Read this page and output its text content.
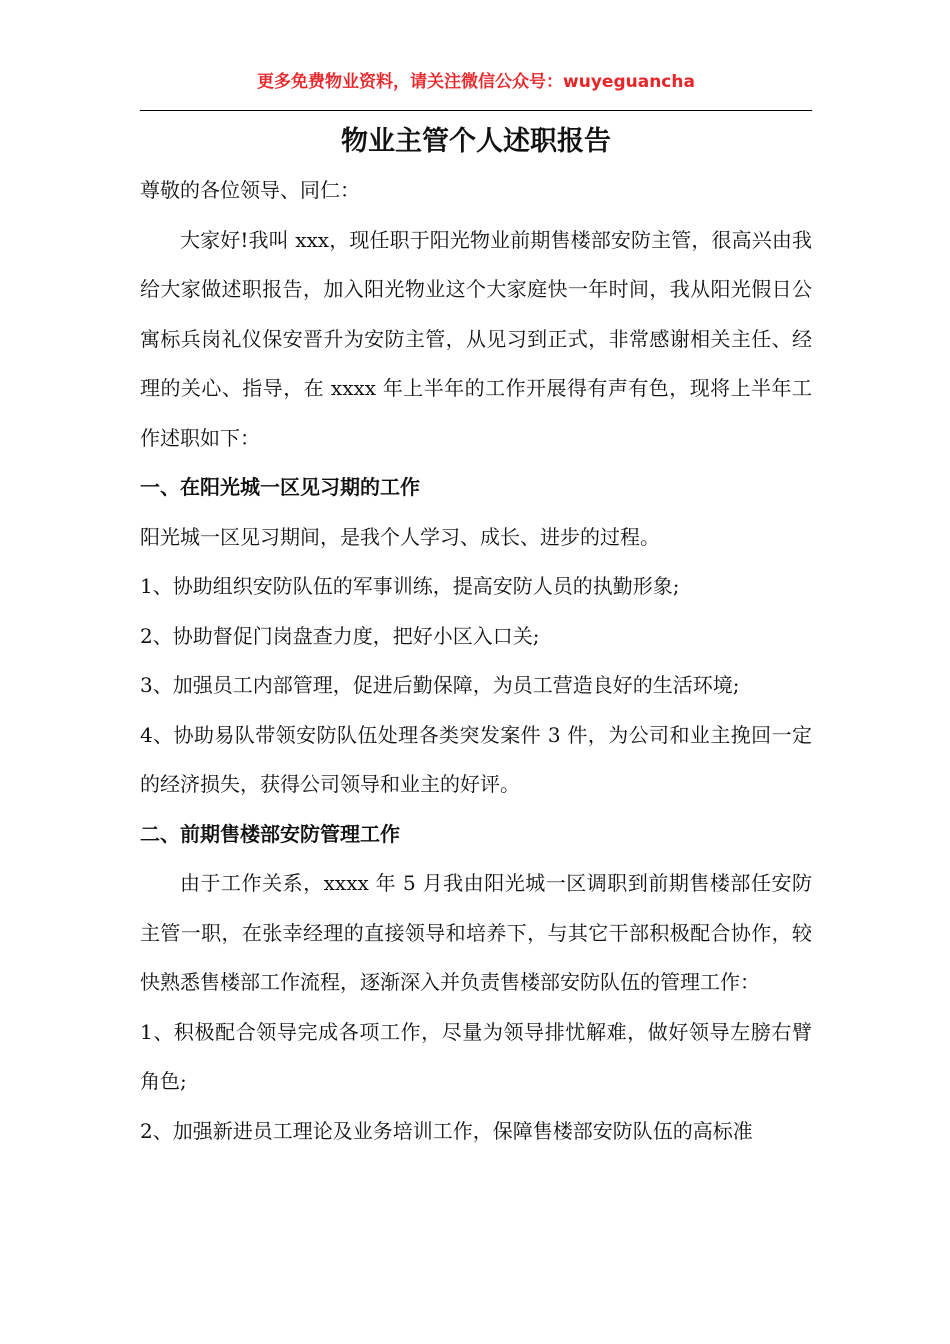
更多免费物业资料，请关注微信公众号：wuyeguancha
物业主管个人述职报告

尊敬的各位领导、同仁：

大家好!我叫 xxx，现任职于阳光物业前期售楼部安防主管，很高兴由我给大家做述职报告，加入阳光物业这个大家庭快一年时间，我从阳光假日公寓标兵岗礼仪保安晋升为安防主管，从见习到正式，非常感谢相关主任、经理的关心、指导，在 xxxx 年上半年的工作开展得有声有色，现将上半年工作述职如下：

一、在阳光城一区见习期的工作

阳光城一区见习期间，是我个人学习、成长、进步的过程。

1、协助组织安防队伍的军事训练，提高安防人员的执勤形象;

2、协助督促门岗盘查力度，把好小区入口关;

3、加强员工内部管理，促进后勤保障，为员工营造良好的生活环境;

4、协助易队带领安防队伍处理各类突发案件 3 件，为公司和业主挽回一定的经济损失，获得公司领导和业主的好评。

二、前期售楼部安防管理工作

由于工作关系，xxxx 年 5 月我由阳光城一区调职到前期售楼部任安防主管一职，在张幸经理的直接领导和培养下，与其它干部积极配合协作，较快熟悉售楼部工作流程，逐渐深入并负责售楼部安防队伍的管理工作：

1、积极配合领导完成各项工作，尽量为领导排忧解难，做好领导左膀右臂角色;

2、加强新进员工理论及业务培训工作，保障售楼部安防队伍的高标准
